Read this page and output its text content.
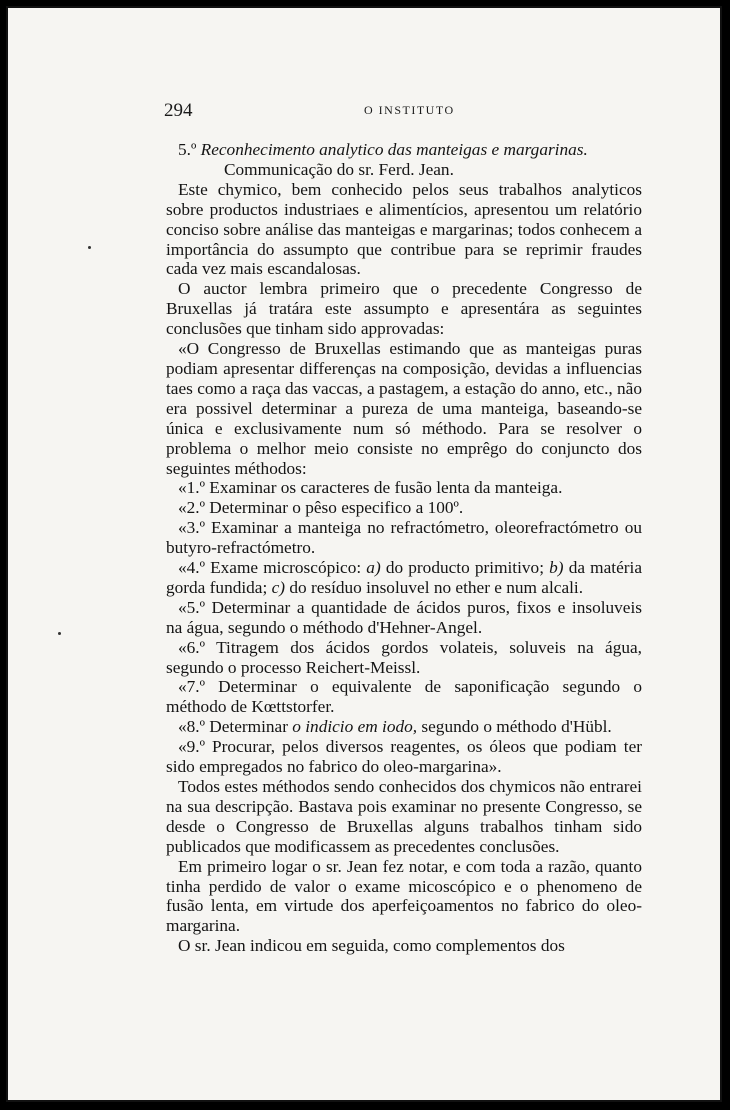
294	O INSTITUTO

5.º Reconhecimento analytico das manteigas e margarinas.

Communicação do sr. Ferd. Jean.

Este chymico, bem conhecido pelos seus trabalhos analyticos sobre productos industriaes e alimentícios, apresentou um relatório conciso sobre análise das manteigas e margarinas; todos conhecem a importância do assumpto que contribue para se reprimir fraudes cada vez mais escandalosas.

O auctor lembra primeiro que o precedente Congresso de Bruxellas já tratára este assumpto e apresentára as seguintes conclusões que tinham sido approvadas:

«O Congresso de Bruxellas estimando que as manteigas puras podiam apresentar differenças na composição, devidas a influencias taes como a raça das vaccas, a pastagem, a estação do anno, etc., não era possivel determinar a pureza de uma manteiga, baseando-se única e exclusivamente num só méthodo. Para se resolver o problema o melhor meio consiste no emprêgo do conjuncto dos seguintes méthodos:

«1.º Examinar os caracteres de fusão lenta da manteiga.

«2.º Determinar o pêso especifico a 100º.

«3.º Examinar a manteiga no refractómetro, oleorefractómetro ou butyro-refractómetro.

«4.º Exame microscópico: a) do producto primitivo; b) da matéria gorda fundida; c) do resíduo insoluvel no ether e num alcali.

«5.º Determinar a quantidade de ácidos puros, fixos e insoluveis na água, segundo o méthodo d'Hehner-Angel.

«6.º Titragem dos ácidos gordos volateis, soluveis na água, segundo o processo Reichert-Meissl.

«7.º Determinar o equivalente de saponificação segundo o méthodo de Kœttstorfer.

«8.º Determinar o indicio em iodo, segundo o méthodo d'Hübl.

«9.º Procurar, pelos diversos reagentes, os óleos que podiam ter sido empregados no fabrico do oleo-margarina».

Todos estes méthodos sendo conhecidos dos chymicos não entrarei na sua descripção. Bastava pois examinar no presente Congresso, se desde o Congresso de Bruxellas alguns trabalhos tinham sido publicados que modificassem as precedentes conclusões.

Em primeiro logar o sr. Jean fez notar, e com toda a razão, quanto tinha perdido de valor o exame micoscópico e o phenomeno de fusão lenta, em virtude dos aperfeiçoamentos no fabrico do oleo-margarina.

O sr. Jean indicou em seguida, como complementos dos
